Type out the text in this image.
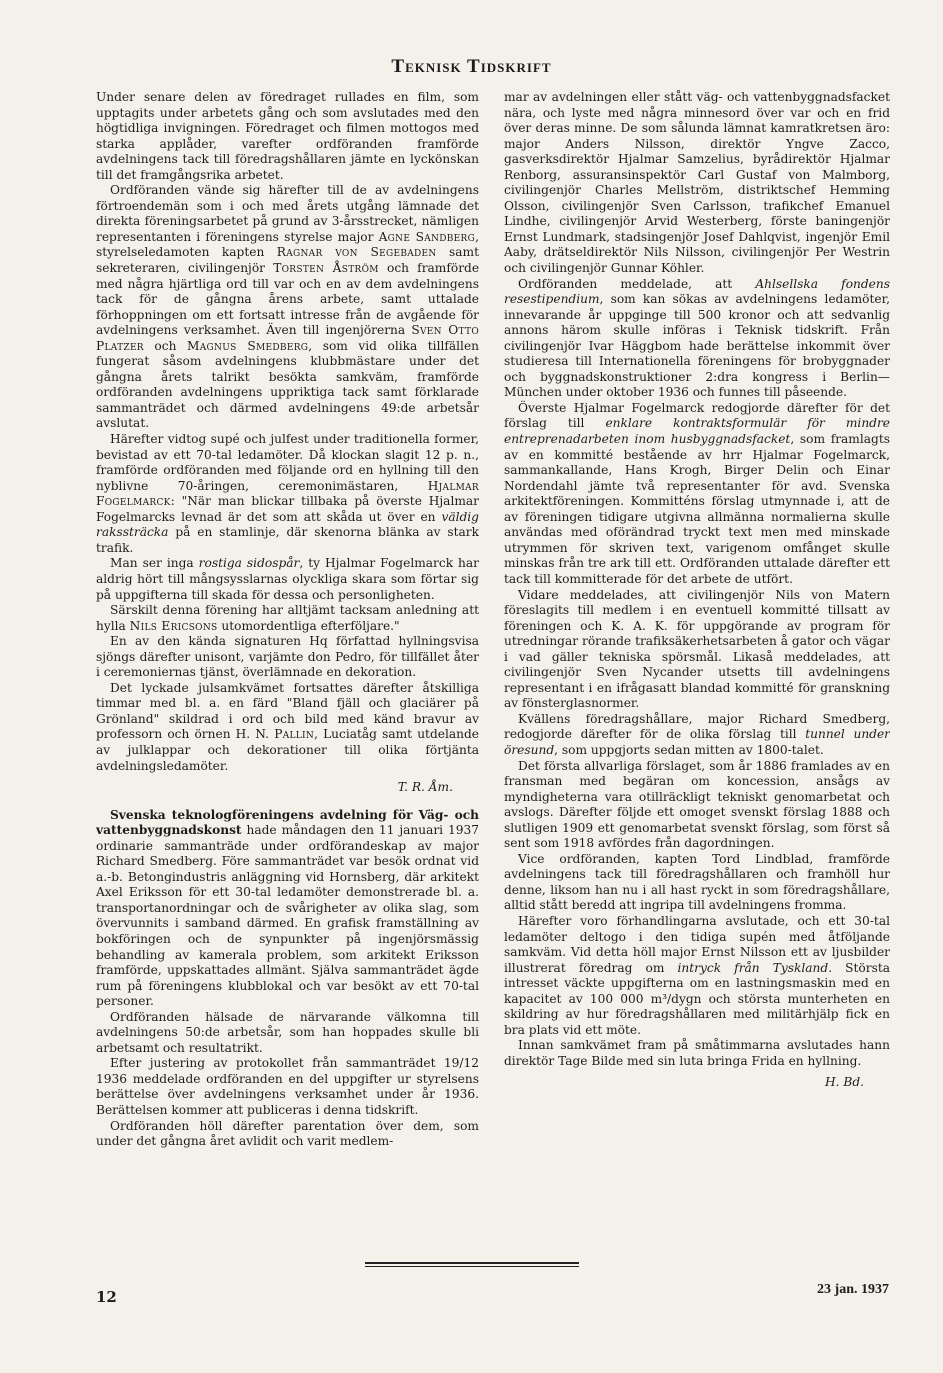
Teknisk Tidskrift

Under senare delen av föredraget rullades en film, som upptagits under arbetets gång och som avslutades med den högtidliga invigningen. Föredraget och filmen mottogos med starka applåder, varefter ordföranden framförde avdelningens tack till föredragshållaren jämte en lyckönskan till det framgångsrika arbetet.

Ordföranden vände sig härefter till de av avdelningens förtroendemän som i och med årets utgång lämnade det direkta föreningsarbetet på grund av 3-årsstrecket, nämligen representanten i föreningens styrelse major Agne Sandberg, styrelseledamoten kapten Ragnar von Segebaden samt sekreteraren, civilingenjör Torsten Åström och framförde med några hjärtliga ord till var och en av dem avdelningens tack för de gångna årens arbete, samt uttalade förhoppningen om ett fortsatt intresse från de avgående för avdelningens verksamhet. Även till ingenjörerna Sven Otto Platzer och Magnus Smedberg, som vid olika tillfällen fungerat såsom avdelningens klubbmästare under det gångna årets talrikt besökta samkväm, framförde ordföranden avdelningens uppriktiga tack samt förklarade sammanträdet och därmed avdelningens 49:de arbetsår avslutat.

Härefter vidtog supé och julfest under traditionella former, bevistad av ett 70-tal ledamöter. Då klockan slagit 12 p. n., framförde ordföranden med följande ord en hyllning till den nyblivne 70-åringen, ceremonimästaren, Hjalmar Fogelmarck: "När man blickar tillbaka på överste Hjalmar Fogelmarcks levnad är det som att skåda ut över en väldig rakssträcka på en stamlinje, där skenorna blänka av stark trafik.

Man ser inga rostiga sidospår, ty Hjalmar Fogelmarck har aldrig hört till mångsysslarnas olyckliga skara som förtar sig på uppgifterna till skada för dessa och personligheten.

Särskilt denna förening har alltjämt tacksam anledning att hylla Nils Ericsons utomordentliga efterföljare."

En av den kända signaturen Hq författad hyllningsvisa sjöngs därefter unisont, varjämte don Pedro, för tillfället åter i ceremoniernas tjänst, överlämnade en dekoration.

Det lyckade julsamkvämet fortsattes därefter åtskilliga timmar med bl. a. en färd "Bland fjäll och glaciärer på Grönland" skildrad i ord och bild med känd bravur av professorn och örnen H. N. Pallin, Luciatåg samt utdelande av julklappar och dekorationer till olika förtjänta avdelningsledamöter.

T. R. Åm.

Svenska teknologföreningens avdelning för Väg- och vattenbyggnadskonst hade måndagen den 11 januari 1937 ordinarie sammanträde under ordförandeskap av major Richard Smedberg. Före sammanträdet var besök ordnat vid a.-b. Betongindustris anläggning vid Hornsberg, där arkitekt Axel Eriksson för ett 30-tal ledamöter demonstrerade bl. a. transportanordningar och de svårigheter av olika slag, som övervunnits i samband därmed. En grafisk framställning av bokföringen och de synpunkter på ingenjörsmässig behandling av kamerala problem, som arkitekt Eriksson framförde, uppskattades allmänt. Själva sammanträdet ägde rum på föreningens klubblokal och var besökt av ett 70-tal personer.

Ordföranden hälsade de närvarande välkomna till avdelningens 50:de arbetsår, som han hoppades skulle bli arbetsamt och resultatrikt.

Efter justering av protokollet från sammanträdet 19/12 1936 meddelade ordföranden en del uppgifter ur styrelsens berättelse över avdelningens verksamhet under år 1936. Berättelsen kommer att publiceras i denna tidskrift.

Ordföranden höll därefter parentation över dem, som under det gångna året avlidit och varit medlem-

mar av avdelningen eller stått väg- och vattenbyggnadsfacket nära, och lyste med några minnesord över var och en frid över deras minne. De som sålunda lämnat kamratkretsen äro: major Anders Nilsson, direktör Yngve Zacco, gasverksdirektör Hjalmar Samzelius, byrådirektör Hjalmar Renborg, assuransinspektör Carl Gustaf von Malmborg, civilingenjör Charles Mellström, distriktschef Hemming Olsson, civilingenjör Sven Carlsson, trafikchef Emanuel Lindhe, civilingenjör Arvid Westerberg, förste baningenjör Ernst Lundmark, stadsingenjör Josef Dahlqvist, ingenjör Emil Aaby, drätseldirektör Nils Nilsson, civilingenjör Per Westrin och civilingenjör Gunnar Köhler.

Ordföranden meddelade, att Ahlsellska fondens resestipendium, som kan sökas av avdelningens ledamöter, innevarande år uppginge till 500 kronor och att sedvanlig annons härom skulle införas i Teknisk tidskrift. Från civilingenjör Ivar Häggbom hade berättelse inkommit över studieresa till Internationella föreningens för brobyggnader och byggnadskonstruktioner 2:dra kongress i Berlin—München under oktober 1936 och funnes till påseende.

Överste Hjalmar Fogelmarck redogjorde därefter för det förslag till enklare kontraktsformulär för mindre entreprenadarbeten inom husbyggnadsfacket, som framlagts av en kommitté bestående av hrr Hjalmar Fogelmarck, sammankallande, Hans Krogh, Birger Delin och Einar Nordendahl jämte två representanter för avd. Svenska arkitektföreningen. Kommitténs förslag utmynnade i, att de av föreningen tidigare utgivna allmänna normalierna skulle användas med oförändrad tryckt text men med minskade utrymmen för skriven text, varigenom omfånget skulle minskas från tre ark till ett. Ordföranden uttalade därefter ett tack till kommitterade för det arbete de utfört.

Vidare meddelades, att civilingenjör Nils von Matern föreslagits till medlem i en eventuell kommitté tillsatt av föreningen och K. A. K. för uppgörande av program för utredningar rörande trafiksäkerhetsarbeten å gator och vägar i vad gäller tekniska spörsmål. Likaså meddelades, att civilingenjör Sven Nycander utsetts till avdelningens representant i en ifrågasatt blandad kommitté för granskning av fönsterglasnormer.

Kvällens föredragshållare, major Richard Smedberg, redogjorde därefter för de olika förslag till tunnel under öresund, som uppgjorts sedan mitten av 1800-talet.

Det första allvarliga förslaget, som år 1886 framlades av en fransman med begäran om koncession, ansågs av myndigheterna vara otillräckligt tekniskt genomarbetat och avslogs. Därefter följde ett omoget svenskt förslag 1888 och slutligen 1909 ett genomarbetat svenskt förslag, som först så sent som 1918 avfördes från dagordningen.

Vice ordföranden, kapten Tord Lindblad, framförde avdelningens tack till föredragshållaren och framhöll hur denne, liksom han nu i all hast ryckt in som föredragshållare, alltid stått beredd att ingripa till avdelningens fromma.

Härefter voro förhandlingarna avslutade, och ett 30-tal ledamöter deltogo i den tidiga supén med åtföljande samkväm. Vid detta höll major Ernst Nilsson ett av ljusbilder illustrerat föredrag om intryck från Tyskland. Största intresset väckte uppgifterna om en lastningsmaskin med en kapacitet av 100 000 m³/dygn och största munterheten en skildring av hur föredragshållaren med militärhjälp fick en bra plats vid ett möte.

Innan samkvämet fram på småtimmarna avslutades hann direktör Tage Bilde med sin luta bringa Frida en hyllning.

H. Bd.
12	23 jan. 1937
